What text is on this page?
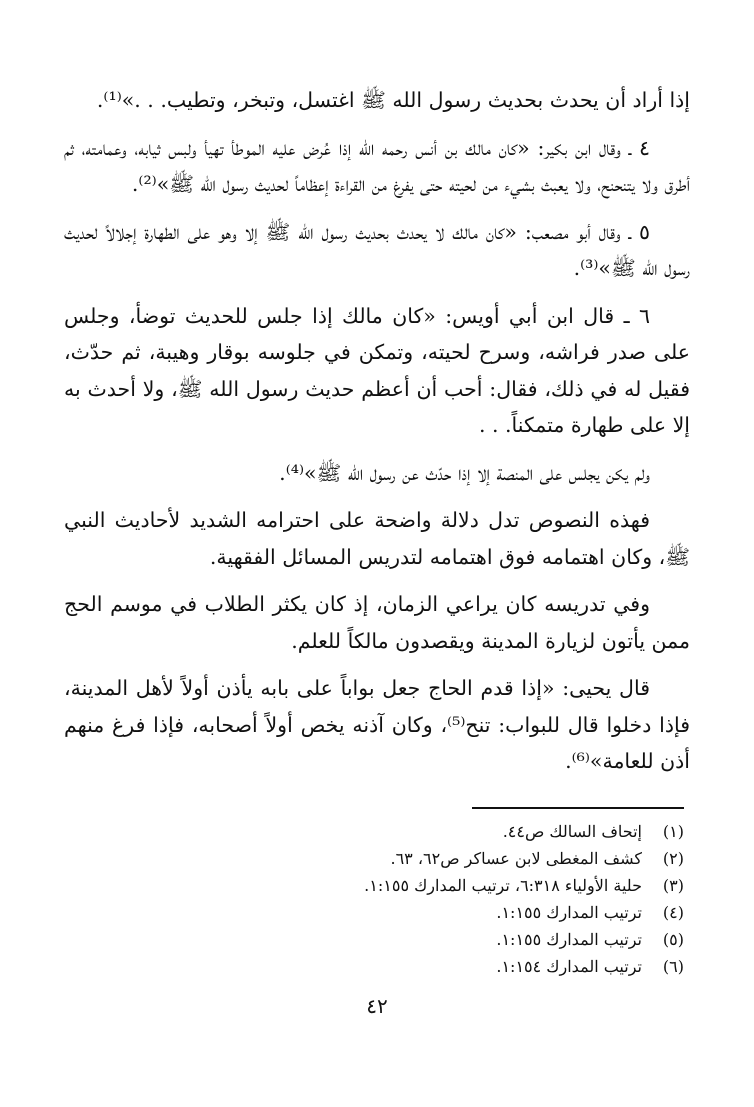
إذا أراد أن يحدث بحديث رسول الله ﷺ اغتسل، وتبخر، وتطيب. . .»⁽¹⁾.

٤ ـ وقال ابن بكير: «كان مالك بن أنس رحمه الله إذا عُرض عليه الموطأ تهيأ ولبس ثيابه، وعمامته، ثم أطرق ولا يتنحنح، ولا يعبث بشيء من لحيته حتى يفرغ من القراءة إعظاماً لحديث رسول الله ﷺ»⁽²⁾.

٥ ـ وقال أبو مصعب: «كان مالك لا يحدث بحديث رسول الله ﷺ إلا وهو على الطهارة إجلالاً لحديث رسول الله ﷺ»⁽³⁾.

٦ ـ قال ابن أبي أويس: «كان مالك إذا جلس للحديث توضأ، وجلس على صدر فراشه، وسرح لحيته، وتمكن في جلوسه بوقار وهيبة، ثم حدّث، فقيل له في ذلك، فقال: أحب أن أعظم حديث رسول الله ﷺ، ولا أحدث به إلا على طهارة متمكناً. . .

ولم يكن يجلس على المنصة إلا إذا حدّث عن رسول الله ﷺ»⁽⁴⁾.

فهذه النصوص تدل دلالة واضحة على احترامه الشديد لأحاديث النبي ﷺ، وكان اهتمامه فوق اهتمامه لتدريس المسائل الفقهية.

وفي تدريسه كان يراعي الزمان، إذ كان يكثر الطلاب في موسم الحج ممن يأتون لزيارة المدينة ويقصدون مالكاً للعلم.

قال يحيى: «إذا قدم الحاج جعل بواباً على بابه يأذن أولاً لأهل المدينة، فإذا دخلوا قال للبواب: تنح⁽⁵⁾، وكان آذنه يخص أولاً أصحابه، فإذا فرغ منهم أذن للعامة»⁽⁶⁾.

(١)إتحاف السالك ص٤٤.
(٢)كشف المغطى لابن عساكر ص٦٢، ٦٣.
(٣)حلية الأولياء ٦:٣١٨، ترتيب المدارك ١:١٥٥.
(٤)ترتيب المدارك ١:١٥٥.
(٥)ترتيب المدارك ١:١٥٥.
(٦)ترتيب المدارك ١:١٥٤.
٤٢
